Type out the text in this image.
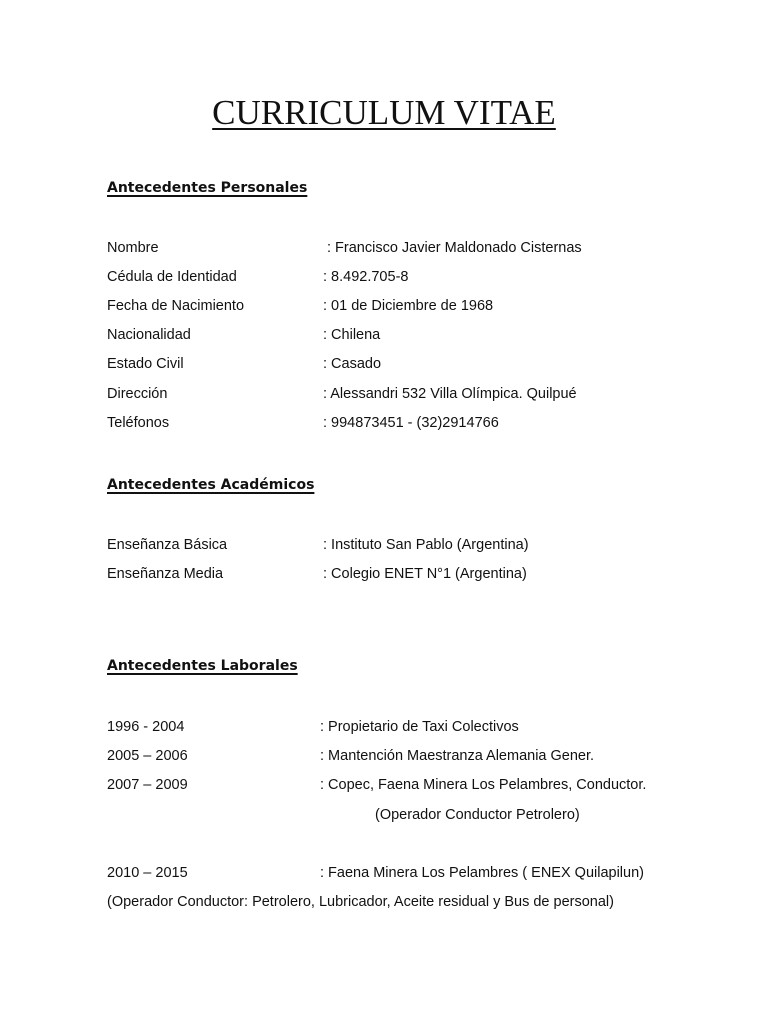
CURRICULUM VITAE
Antecedentes Personales
Nombre	: Francisco Javier Maldonado Cisternas
Cédula de Identidad	: 8.492.705-8
Fecha de Nacimiento	: 01 de Diciembre de 1968
Nacionalidad	: Chilena
Estado Civil	: Casado
Dirección	: Alessandri 532 Villa Olímpica. Quilpué
Teléfonos	: 994873451 - (32)2914766
Antecedentes Académicos
Enseñanza Básica	: Instituto San Pablo (Argentina)
Enseñanza Media	: Colegio ENET N°1 (Argentina)
Antecedentes Laborales
1996 - 2004	: Propietario de Taxi Colectivos
2005 – 2006	: Mantención Maestranza Alemania Gener.
2007 – 2009	: Copec, Faena Minera Los Pelambres, Conductor.
(Operador Conductor Petrolero)
2010 – 2015	: Faena Minera Los Pelambres ( ENEX Quilapilun)
(Operador Conductor: Petrolero, Lubricador, Aceite residual y Bus de personal)
